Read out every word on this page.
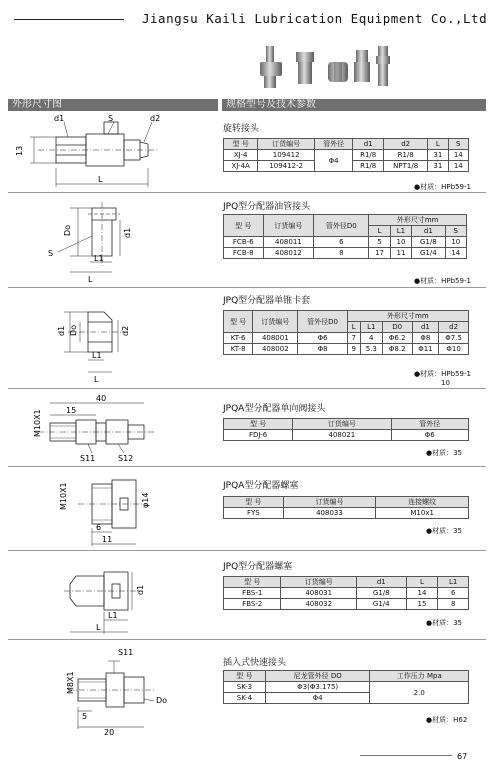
Jiangsu Kaili Lubrication Equipment Co.,Ltd
外形尺寸图	规格型号及技术参数
d1	S	d2
13
L
Do	d1
S
L1
L
d1 Do	d2
L1
L
40
15
M10X1
S11	S12
M10X1	φ14
6
11
d1
L1
L
S11
M8X1
Do
5
20
旋转接头
型 号	订货编号	管外径	d1	d2	L	S
XJ-4	109412	Φ4	R1/8	R1/8	31	14
XJ-4A	109412-2		R1/8	NPT1/8	31	14
●材质：HPb59-1
JPQ型分配器油管接头
型 号	订货编号	管外径D0	外形尺寸mm			
			L	L1	d1	S
FCB-6	408011	6	5	10	G1/8	10
FCB-8	408012	8	17	11	G1/4	14
●材质：HPb59-1
JPQ型分配器单锥卡套
型 号	订货编号	管外径D0	外形尺寸mm				
			L	L1	D0	d1	d2
KT-6	408001	Φ6	7	4	Φ6.2	Φ8	Φ7.5
KT-8	408002	Φ8	9	5.3	Φ8.2	Φ11	Φ10
●材质：HPb59-1
10
JPQA型分配器单向阀接头
型 号	订货编号	管外径
FDJ-6	408021	Φ6
●材质：35
JPQA型分配器螺塞
型 号	订货编号	连接螺纹
FYS	408033	M10x1
●材质：35
JPQ型分配器螺塞
型 号	订货编号	d1	L	L1
FBS-1	408031	G1/8	14	6
FBS-2	408032	G1/4	15	8
●材质：35
插入式快速接头
型 号	尼龙管外径 DO	工作压力 Mpa
SK-3	Φ3(Φ3.175)	2.0
SK-4	Φ4	
●材质：H62
67
